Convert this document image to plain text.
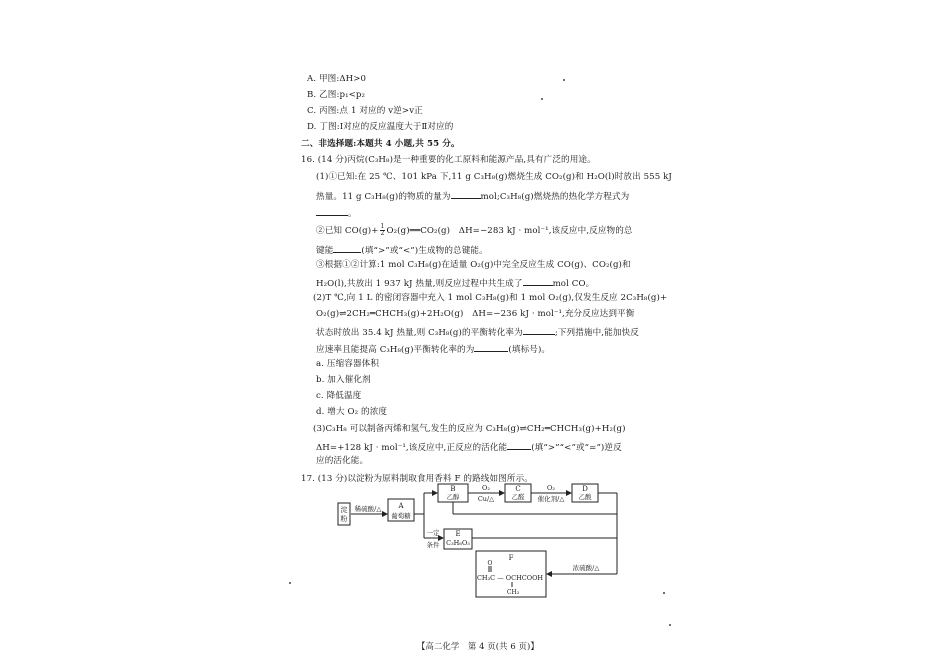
A. 甲图:ΔH>0
B. 乙图:p₁<p₂
C. 丙图:点 1 对应的 v逆>v正
D. 丁图:Ⅰ对应的反应温度大于Ⅱ对应的
二、非选择题:本题共 4 小题,共 55 分。
16. (14 分)丙烷(C₃H₈)是一种重要的化工原料和能源产品,具有广泛的用途。
(1)①已知:在 25 ℃、101 kPa 下,11 g C₃H₈(g)燃烧生成 CO₂(g)和 H₂O(l)时放出 555 kJ
热量。11 g C₃H₈(g)的物质的量为	mol;C₃H₈(g)燃烧热的热化学方程式为
。
②已知 $CO(g)+ \frac{1}{2}$ O₂(g)══CO₂(g)　ΔH=−283 kJ · mol⁻¹,该反应中,反应物的总
键能	(填“>”或“<”)生成物的总键能。
③根据①②计算:1 mol C₃H₈(g)在适量 O₂(g)中完全反应生成 CO(g)、CO₂(g)和
H₂O(l),共放出 1 937 kJ 热量,则反应过程中共生成了	mol CO。
(2)T ℃,向 1 L 的密闭容器中充入 1 mol C₃H₈(g)和 1 mol O₂(g),仅发生反应 2C₃H₈(g)+
O₂(g)⇌2CH₂═CHCH₃(g)+2H₂O(g)　ΔH=−236 kJ · mol⁻¹,充分反应达到平衡
状态时放出 35.4 kJ 热量,则 C₃H₈(g)的平衡转化率为	;下列措施中,能加快反
应速率且能提高 C₃H₈(g)平衡转化率的为	(填标号)。
a. 压缩容器体积
b. 加入催化剂
c. 降低温度
d. 增大 O₂ 的浓度
(3)C₃H₈ 可以制备丙烯和氢气,发生的反应为 C₃H₈(g)⇌CH₂═CHCH₃(g)+H₂(g)
ΔH=+128 kJ · mol⁻¹,该反应中,正反应的活化能	(填“>”“<”或“=”)逆反
应的活化能。
17. (13 分)以淀粉为原料制取食用香料 F 的路线如图所示。
淀
粉
稀硫酸/△ A
葡萄糖
B
乙醇
O₂
Cu/△
C
乙醛
O₂
催化剂/△
D
乙酸
一定
条件
E
C₃H₆O₃
F
O
CH₃C — OCHCOOH
CH₃
浓硫酸/△
【高二化学　第 4 页(共 6 页)】
